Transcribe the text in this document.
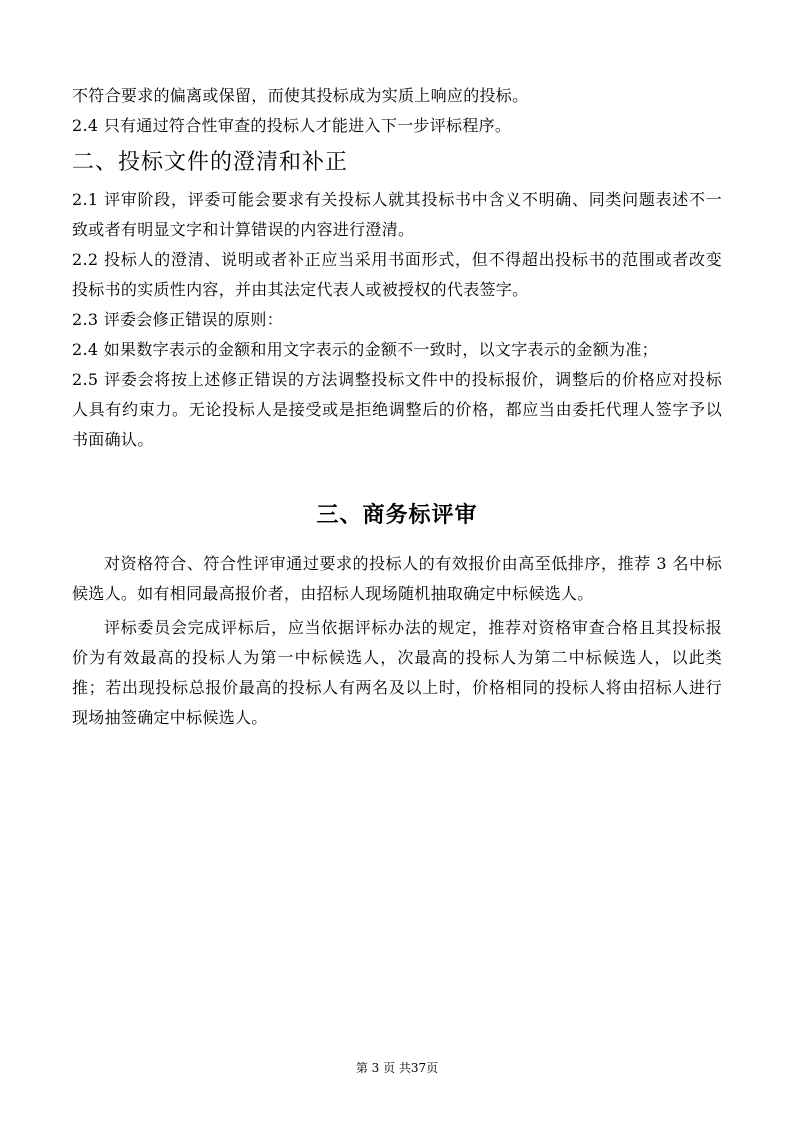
不符合要求的偏离或保留，而使其投标成为实质上响应的投标。

2.4 只有通过符合性审查的投标人才能进入下一步评标程序。

二、投标文件的澄清和补正

2.1 评审阶段，评委可能会要求有关投标人就其投标书中含义不明确、同类问题表述不一致或者有明显文字和计算错误的内容进行澄清。

2.2 投标人的澄清、说明或者补正应当采用书面形式，但不得超出投标书的范围或者改变投标书的实质性内容，并由其法定代表人或被授权的代表签字。

2.3 评委会修正错误的原则：

2.4 如果数字表示的金额和用文字表示的金额不一致时，以文字表示的金额为准；

2.5 评委会将按上述修正错误的方法调整投标文件中的投标报价，调整后的价格应对投标人具有约束力。无论投标人是接受或是拒绝调整后的价格，都应当由委托代理人签字予以书面确认。

三、商务标评审

对资格符合、符合性评审通过要求的投标人的有效报价由高至低排序，推荐 3 名中标候选人。如有相同最高报价者，由招标人现场随机抽取确定中标候选人。

评标委员会完成评标后，应当依据评标办法的规定，推荐对资格审查合格且其投标报价为有效最高的投标人为第一中标候选人，次最高的投标人为第二中标候选人，以此类推；若出现投标总报价最高的投标人有两名及以上时，价格相同的投标人将由招标人进行现场抽签确定中标候选人。

第 3 页 共37页
